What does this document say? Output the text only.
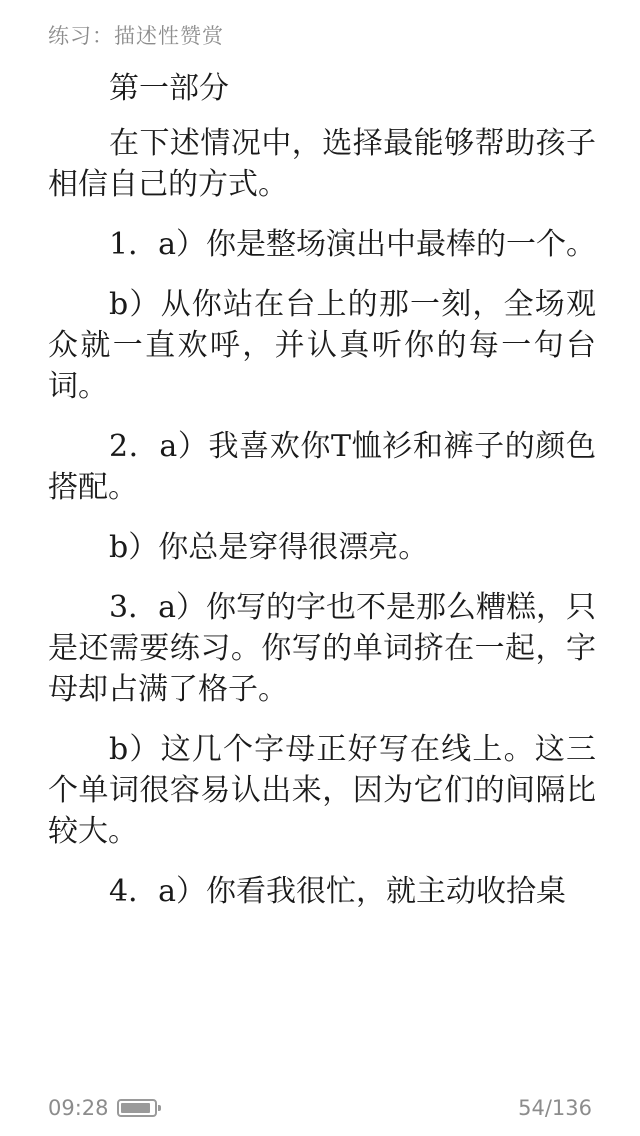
练习：描述性赞赏

第一部分

在下述情况中，选择最能够帮助孩子相信自己的方式。

1．a）你是整场演出中最棒的一个。

b）从你站在台上的那一刻，全场观众就一直欢呼，并认真听你的每一句台词。

2．a）我喜欢你T恤衫和裤子的颜色搭配。

b）你总是穿得很漂亮。

3．a）你写的字也不是那么糟糕，只是还需要练习。你写的单词挤在一起，字母却占满了格子。

b）这几个字母正好写在线上。这三个单词很容易认出来，因为它们的间隔比较大。

4．a）你看我很忙，就主动收拾桌

09:28	54/136
